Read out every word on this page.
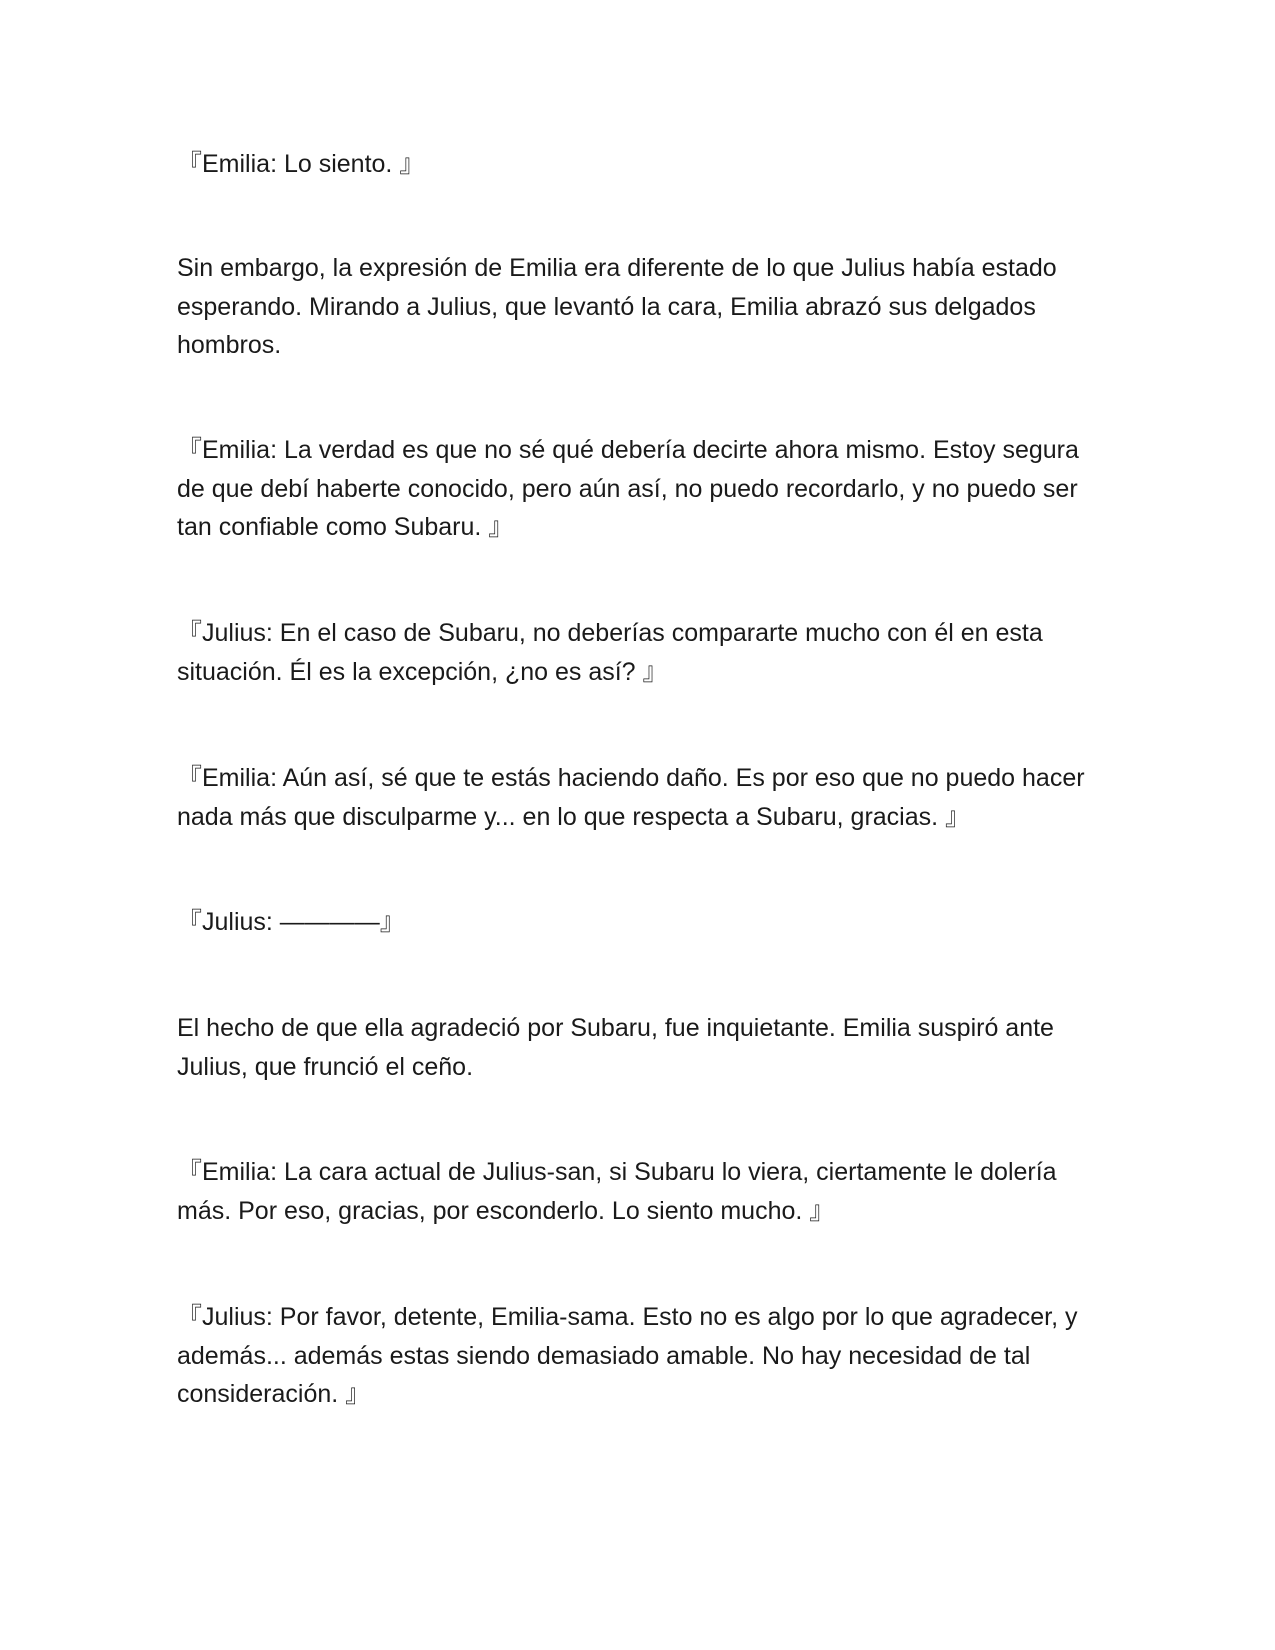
『Emilia: Lo siento. 』

Sin embargo, la expresión de Emilia era diferente de lo que Julius había estado esperando. Mirando a Julius, que levantó la cara, Emilia abrazó sus delgados hombros.

『Emilia: La verdad es que no sé qué debería decirte ahora mismo. Estoy segura de que debí haberte conocido, pero aún así, no puedo recordarlo, y no puedo ser tan confiable como Subaru. 』

『Julius: En el caso de Subaru, no deberías compararte mucho con él en esta situación. Él es la excepción, ¿no es así? 』

『Emilia: Aún así, sé que te estás haciendo daño. Es por eso que no puedo hacer nada más que disculparme y... en lo que respecta a Subaru, gracias. 』

『Julius: ————』

El hecho de que ella agradeció por Subaru, fue inquietante. Emilia suspiró ante Julius, que frunció el ceño.

『Emilia: La cara actual de Julius-san, si Subaru lo viera, ciertamente le dolería más. Por eso, gracias, por esconderlo. Lo siento mucho. 』

『Julius: Por favor, detente, Emilia-sama. Esto no es algo por lo que agradecer, y además... además estas siendo demasiado amable. No hay necesidad de tal consideración. 』
